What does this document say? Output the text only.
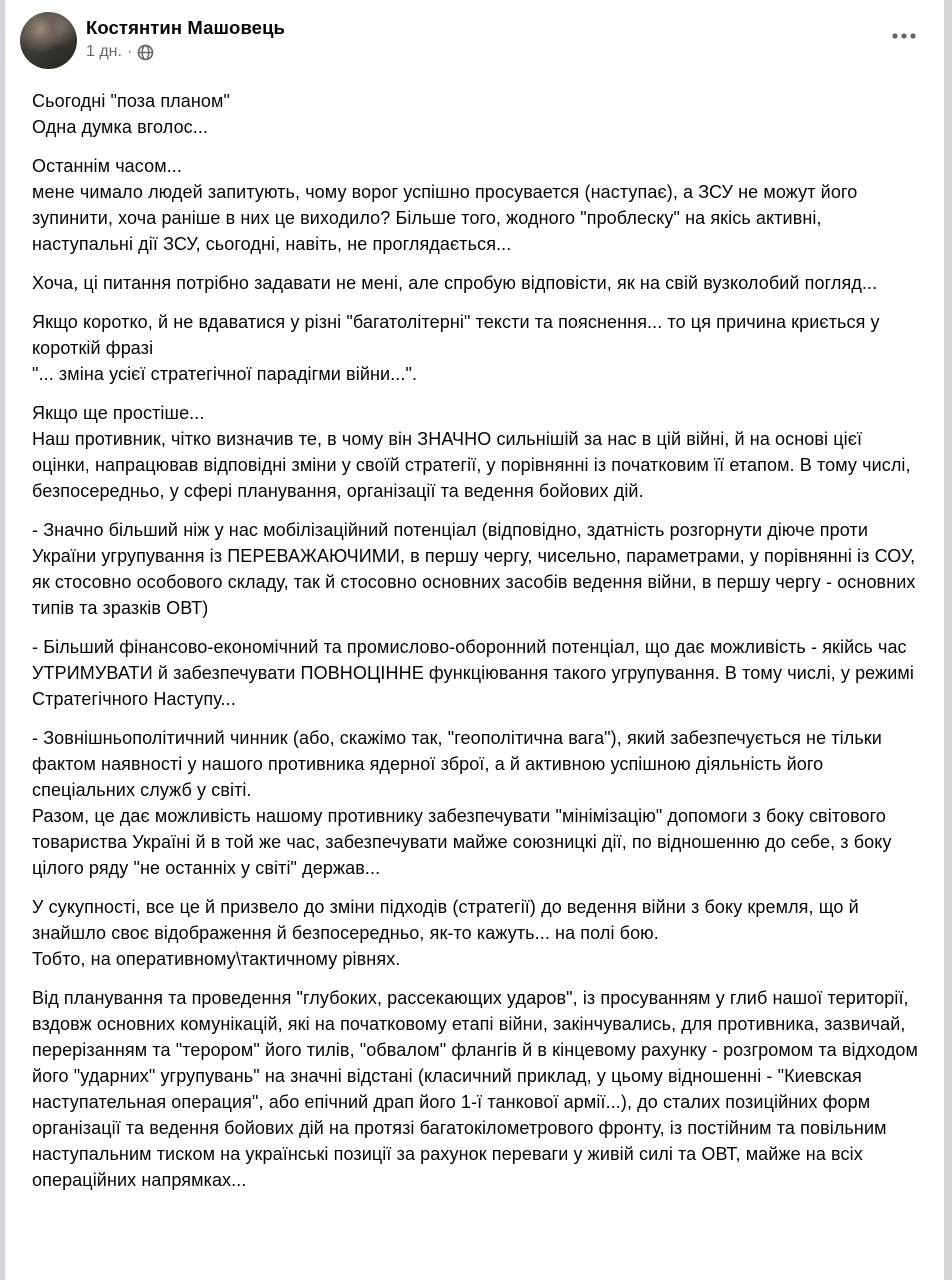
Костянтин Машовець
1 дн. ·
Сьогодні "поза планом"
Одна думка вголос...
Останнім часом...
мене чимало людей запитують, чому ворог успішно просувается (наступає), а ЗСУ не можут його зупинити, хоча раніше в них це виходило? Більше того, жодного "проблеску" на якісь активні, наступальні дії ЗСУ, сьогодні, навіть, не проглядається...
Хоча, ці питання потрібно задавати не мені, але спробую відповісти, як на свій вузколобий погляд...
Якщо коротко, й не вдаватися у різні "багатолітерні" тексти та пояснення... то ця причина криється у короткій фразі
"... зміна усієї стратегічної парадігми війни...".
Якщо ще простіше...
Наш противник, чітко визначив те, в чому він ЗНАЧНО сильнішій за нас в цій війні, й на основі цієї оцінки, напрацював відповідні зміни у своїй стратегії, у порівнянні із початковим її етапом. В тому числі, безпосередньо, у сфері планування, організації та ведення бойових дій.
- Значно більший ніж у нас мобілізаційний потенціал (відповідно, здатність розгорнути діюче проти України угрупування із ПЕРЕВАЖАЮЧИМИ, в першу чергу, чисельно, параметрами, у порівнянні із СОУ, як стосовно особового складу, так й стосовно основних засобів ведення війни, в першу чергу - основних типів та зразків ОВТ)
- Більший фінансово-економічний та промислово-оборонний потенціал, що дає можливість - якійсь час УТРИМУВАТИ й забезпечувати ПОВНОЦІННЕ функціювання такого угрупування. В тому числі, у режимі Стратегічного Наступу...
- Зовнішньополітичний чинник (або, скажімо так, "геополітична вага"), який забезпечується не тільки фактом наявності у нашого противника ядерної зброї, а й активною успішною діяльність його спеціальних служб у світі.
Разом, це дає можливість нашому противнику забезпечувати "мінімізацію" допомоги з боку світового товариства Україні й в той же час, забезпечувати майже союзницкі дії, по відношенню до себе, з боку цілого ряду "не останніх у світі" держав...
У сукупності, все це й призвело до зміни підходів (стратегії) до ведення війни з боку кремля, що й знайшло своє відображення й безпосередньо, як-то кажуть... на полі бою.
Тобто, на оперативному\тактичному рівнях.
Від планування та проведення "глубоких, рассекающих ударов", із просуванням у глиб нашої території, вздовж основних комунікацій, які на початковому етапі війни, закінчувались, для противника, зазвичай, перерізанням та "терором" його тилів, "обвалом" флангів й в кінцевому рахунку - розгромом та відходом його "ударних" угрупувань" на значні відстані (класичний приклад, у цьому відношенні - "Киевская наступательная операция", або епічний драп його 1-ї танкової армії...), до сталих позиційних форм організації та ведення бойових дій на протязі багатокілометрового фронту, із постійним та повільним наступальним тиском на українські позиції за рахунок переваги у живій силі та ОВТ, майже на всіх операційних напрямках...
